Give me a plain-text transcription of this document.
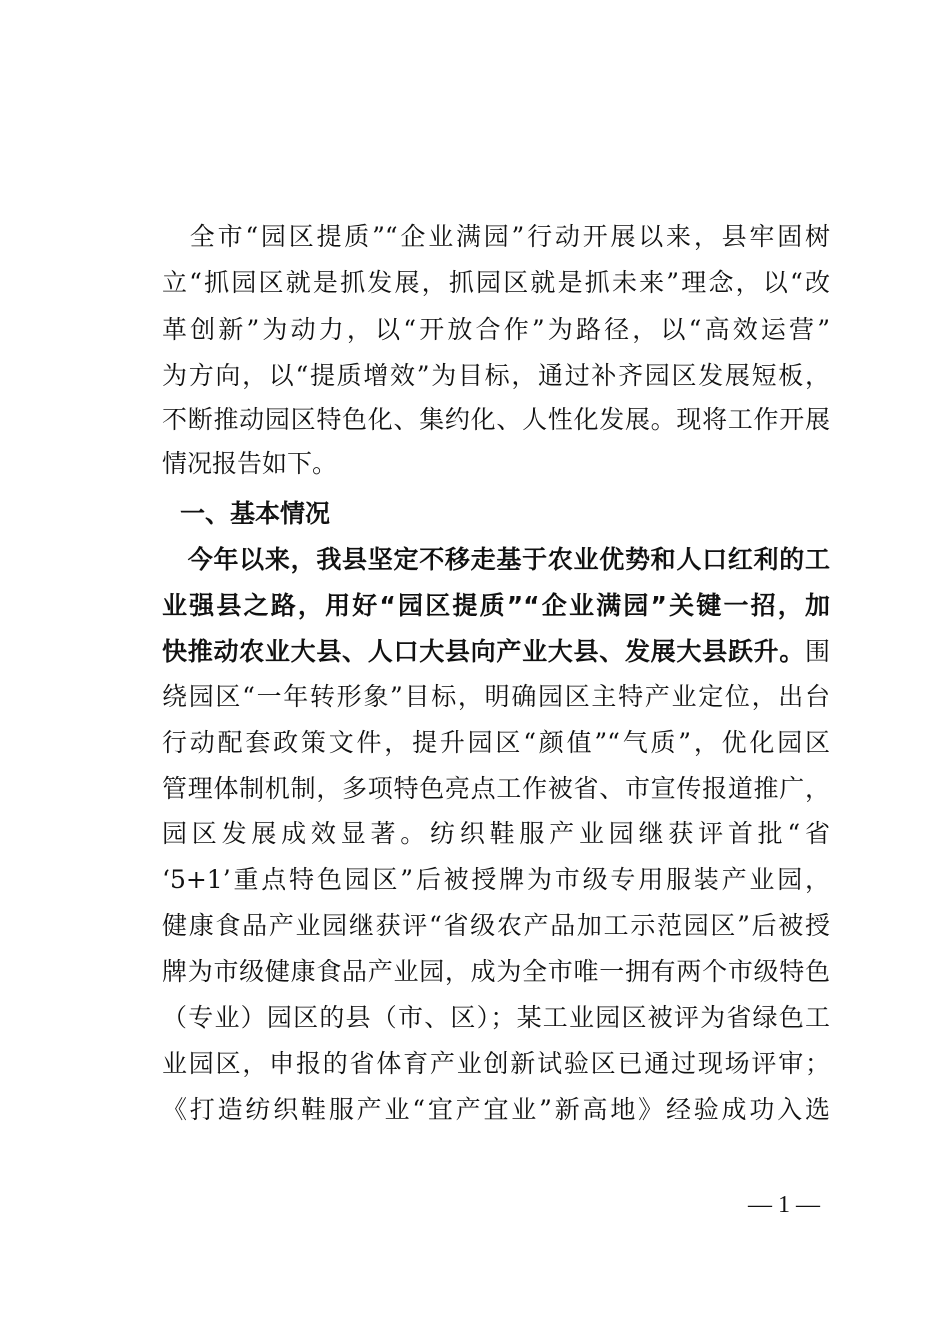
　全市“园区提质”“企业满园”行动开展以来，县牢固树
立“抓园区就是抓发展，抓园区就是抓未来”理念，以“改
革创新”为动力，以“开放合作”为路径，以“高效运营”
为方向，以“提质增效”为目标，通过补齐园区发展短板，
不断推动园区特色化、集约化、人性化发展。现将工作开展
情况报告如下。
一、基本情况
　今年以来，我县坚定不移走基于农业优势和人口红利的工
业强县之路，用好“园区提质”“企业满园”关键一招，加
快推动农业大县、人口大县向产业大县、发展大县跃升。围
绕园区“一年转形象”目标，明确园区主特产业定位，出台
行动配套政策文件，提升园区“颜值”“气质”，优化园区
管理体制机制，多项特色亮点工作被省、市宣传报道推广，
园区发展成效显著。纺织鞋服产业园继获评首批“省
‘5+1’重点特色园区”后被授牌为市级专用服装产业园，
健康食品产业园继获评“省级农产品加工示范园区”后被授
牌为市级健康食品产业园，成为全市唯一拥有两个市级特色
（专业）园区的县（市、区）；某工业园区被评为省绿色工
业园区，申报的省体育产业创新试验区已通过现场评审；
《打造纺织鞋服产业“宜产宜业”新高地》经验成功入选
— 1 —
